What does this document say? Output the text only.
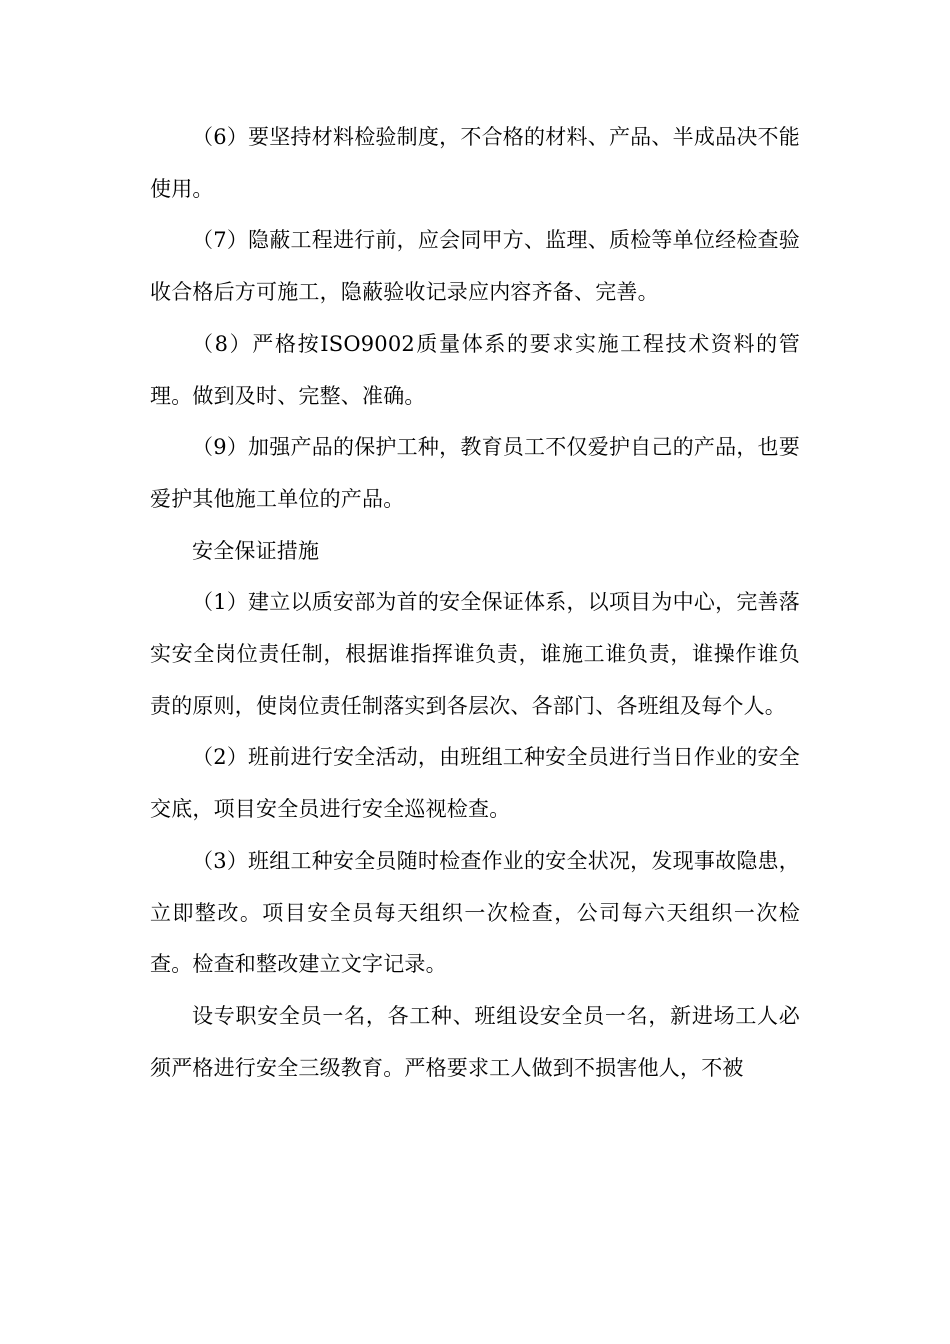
（6）要坚持材料检验制度，不合格的材料、产品、半成品决不能使用。

（7）隐蔽工程进行前，应会同甲方、监理、质检等单位经检查验收合格后方可施工，隐蔽验收记录应内容齐备、完善。

（8）严格按ISO9002质量体系的要求实施工程技术资料的管理。做到及时、完整、准确。

（9）加强产品的保护工种，教育员工不仅爱护自己的产品，也要爱护其他施工单位的产品。

安全保证措施

（1）建立以质安部为首的安全保证体系，以项目为中心，完善落实安全岗位责任制，根据谁指挥谁负责，谁施工谁负责，谁操作谁负责的原则，使岗位责任制落实到各层次、各部门、各班组及每个人。

（2）班前进行安全活动，由班组工种安全员进行当日作业的安全交底，项目安全员进行安全巡视检查。

（3）班组工种安全员随时检查作业的安全状况，发现事故隐患，立即整改。项目安全员每天组织一次检查，公司每六天组织一次检查。检查和整改建立文字记录。

设专职安全员一名，各工种、班组设安全员一名，新进场工人必须严格进行安全三级教育。严格要求工人做到不损害他人，不被
